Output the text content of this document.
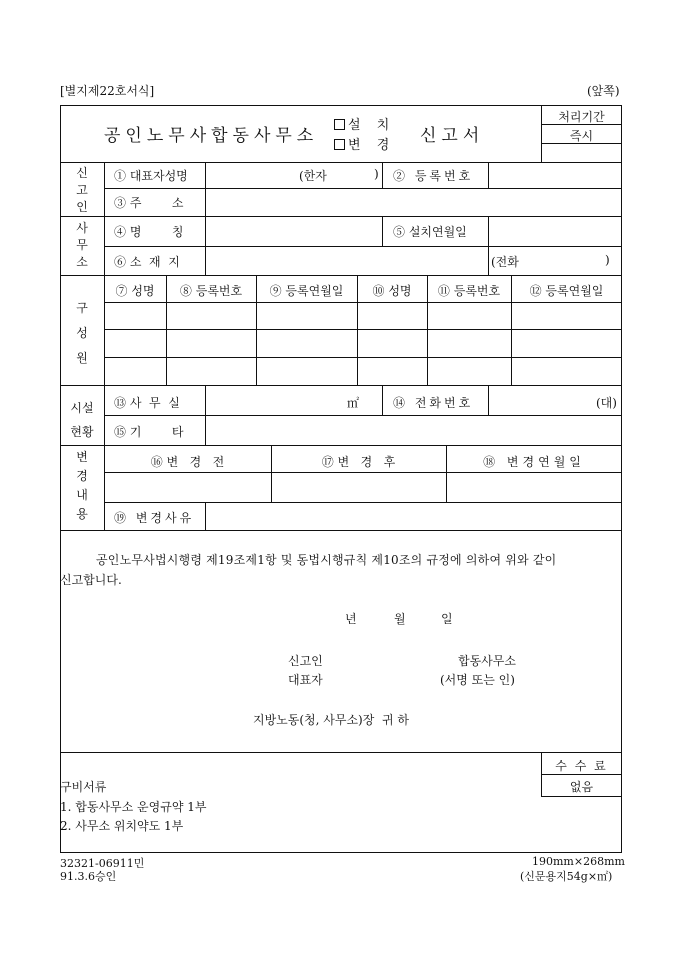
[별지제22호서식]	(앞쪽)
공인노무사합동사무소
설 치
변 경 신고서
처리기간
즉시
신
고
인
① 대표자성명	(한자	) ② 등록번호
③ 주        소
사
무
소
④ 명        칭	⑤ 설치연월일
⑥ 소  재  지	(전화	)
구
성
원
⑦ 성명	⑧ 등록번호	⑨ 등록연월일	⑩ 성명	⑪ 등록번호	⑫ 등록연월일
시설
현황
⑬ 사  무  실	㎡	⑭ 전화번호	(대)
⑮ 기        타
변
경
내
용
⑯ 변   경   전	⑰ 변   경   후	⑱ 변경연월일
⑲ 변경사유
공인노무사법시행령 제19조제1항 및 동법시행규칙 제10조의 규정에 의하여 위와 같이
신고합니다.
년	월	일
신고인	합동사무소
대표자	(서명 또는 인)
지방노동(청, 사무소)장  귀 하
수 수 료
없음
구비서류
1. 합동사무소 운영규약 1부
2. 사무소 위치약도 1부
32321-06911민
91.3.6승인
190mm×268mm
(신문용지54g×㎡)
